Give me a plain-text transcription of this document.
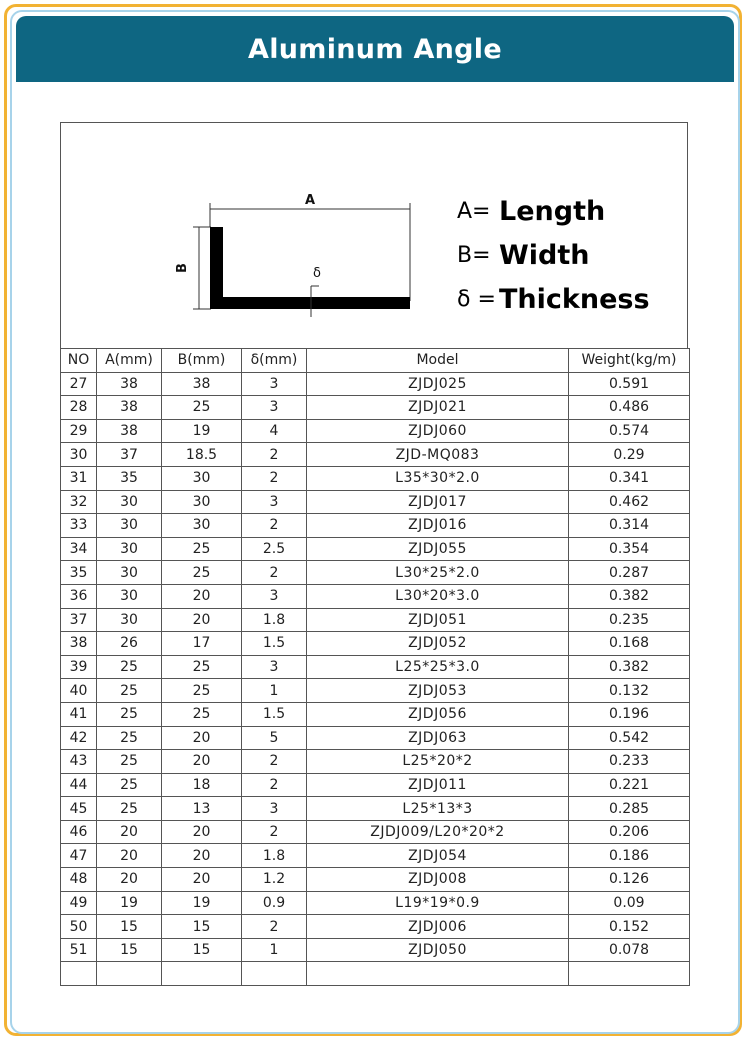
Aluminum Angle
A
B	δ
A= Length
B= Width
δ = Thickness
NO	A(mm)	B(mm)	δ(mm)	Model	Weight(kg/m)
27	38	38	3	ZJDJ025	0.591
28	38	25	3	ZJDJ021	0.486
29	38	19	4	ZJDJ060	0.574
30	37	18.5	2	ZJD-MQ083	0.29
31	35	30	2	L35*30*2.0	0.341
32	30	30	3	ZJDJ017	0.462
33	30	30	2	ZJDJ016	0.314
34	30	25	2.5	ZJDJ055	0.354
35	30	25	2	L30*25*2.0	0.287
36	30	20	3	L30*20*3.0	0.382
37	30	20	1.8	ZJDJ051	0.235
38	26	17	1.5	ZJDJ052	0.168
39	25	25	3	L25*25*3.0	0.382
40	25	25	1	ZJDJ053	0.132
41	25	25	1.5	ZJDJ056	0.196
42	25	20	5	ZJDJ063	0.542
43	25	20	2	L25*20*2	0.233
44	25	18	2	ZJDJ011	0.221
45	25	13	3	L25*13*3	0.285
46	20	20	2	ZJDJ009/L20*20*2	0.206
47	20	20	1.8	ZJDJ054	0.186
48	20	20	1.2	ZJDJ008	0.126
49	19	19	0.9	L19*19*0.9	0.09
50	15	15	2	ZJDJ006	0.152
51	15	15	1	ZJDJ050	0.078
